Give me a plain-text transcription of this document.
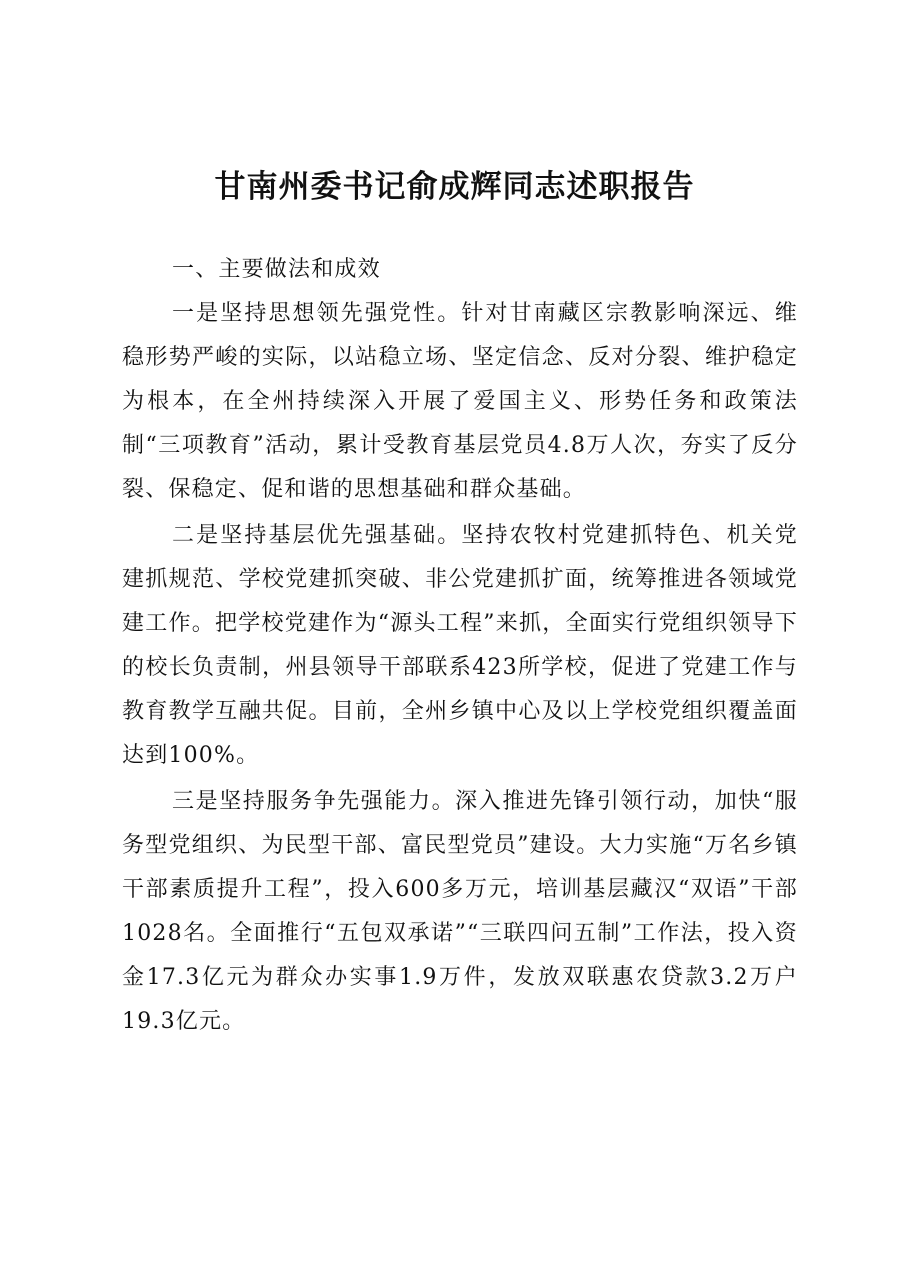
甘南州委书记俞成辉同志述职报告

一、主要做法和成效

一是坚持思想领先强党性。针对甘南藏区宗教影响深远、维稳形势严峻的实际，以站稳立场、坚定信念、反对分裂、维护稳定为根本，在全州持续深入开展了爱国主义、形势任务和政策法制“三项教育”活动，累计受教育基层党员4.8万人次，夯实了反分裂、保稳定、促和谐的思想基础和群众基础。

二是坚持基层优先强基础。坚持农牧村党建抓特色、机关党建抓规范、学校党建抓突破、非公党建抓扩面，统筹推进各领域党建工作。把学校党建作为“源头工程”来抓，全面实行党组织领导下的校长负责制，州县领导干部联系423所学校，促进了党建工作与教育教学互融共促。目前，全州乡镇中心及以上学校党组织覆盖面达到100%。

三是坚持服务争先强能力。深入推进先锋引领行动，加快“服务型党组织、为民型干部、富民型党员”建设。大力实施“万名乡镇干部素质提升工程”，投入600多万元，培训基层藏汉“双语”干部1028名。全面推行“五包双承诺”“三联四问五制”工作法，投入资金17.3亿元为群众办实事1.9万件，发放双联惠农贷款3.2万户19.3亿元。
